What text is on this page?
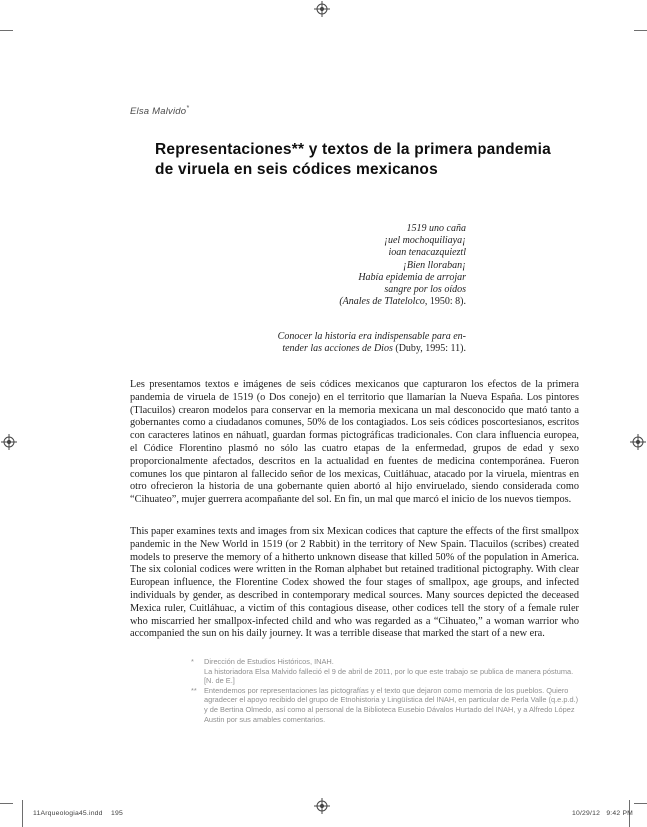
Elsa Malvido*
Representaciones** y textos de la primera pandemia
de viruela en seis códices mexicanos
1519 uno caña
¡uel mochoquiliaya¡
ioan tenacazquieztl
¡Bien lloraban¡
Había epidemia de arrojar
sangre por los oídos
(Anales de Tlatelolco, 1950: 8).
Conocer la historia era indispensable para en-
tender las acciones de Dios (Duby, 1995: 11).
Les presentamos textos e imágenes de seis códices mexicanos que capturaron los efectos de la primera pandemia de viruela de 1519 (o Dos conejo) en el territorio que llamarían la Nueva España. Los pintores (Tlacuilos) crearon modelos para conservar en la memoria mexicana un mal desconocido que mató tanto a gobernantes como a ciudadanos comunes, 50% de los contagiados. Los seis códices poscortesianos, escritos con caracteres latinos en náhuatl, guardan formas pictográficas tradicionales. Con clara influencia europea, el Códice Florentino plasmó no sólo las cuatro etapas de la enfermedad, grupos de edad y sexo proporcionalmente afectados, descritos en la actualidad en fuentes de medicina contemporánea. Fueron comunes los que pintaron al fallecido señor de los mexicas, Cuitláhuac, atacado por la viruela, mientras en otro ofrecieron la historia de una gobernante quien abortó al hijo enviruelado, siendo considerada como “Cihuateo”, mujer guerrera acompañante del sol. En fin, un mal que marcó el inicio de los nuevos tiempos.
This paper examines texts and images from six Mexican codices that capture the effects of the first smallpox pandemic in the New World in 1519 (or 2 Rabbit) in the territory of New Spain. Tlacuilos (scribes) created models to preserve the memory of a hitherto unknown disease that killed 50% of the population in America. The six colonial codices were written in the Roman alphabet but retained traditional pictography. With clear European influence, the Florentine Codex showed the four stages of smallpox, age groups, and infected individuals by gender, as described in contemporary medical sources. Many sources depicted the deceased Mexica ruler, Cuitláhuac, a victim of this contagious disease, other codices tell the story of a female ruler who miscarried her smallpox-infected child and who was regarded as a “Cihuateo,” a woman warrior who accompanied the sun on his daily journey. It was a terrible disease that marked the start of a new era.
* Dirección de Estudios Históricos, INAH.
La historiadora Elsa Malvido falleció el 9 de abril de 2011, por lo que este trabajo se publica de manera póstuma. [N. de E.]
** Entendemos por representaciones las pictografías y el texto que dejaron como memoria de los pueblos. Quiero agradecer el apoyo recibido del grupo de Etnohistoria y Lingüística del INAH, en particular de Perla Valle (q.e.p.d.) y de Bertina Olmedo, así como al personal de la Biblioteca Eusebio Dávalos Hurtado del INAH, y a Alfredo López Austin por sus amables comentarios.
11Arqueologia45.indd    195	10/29/12   9:42 PM
